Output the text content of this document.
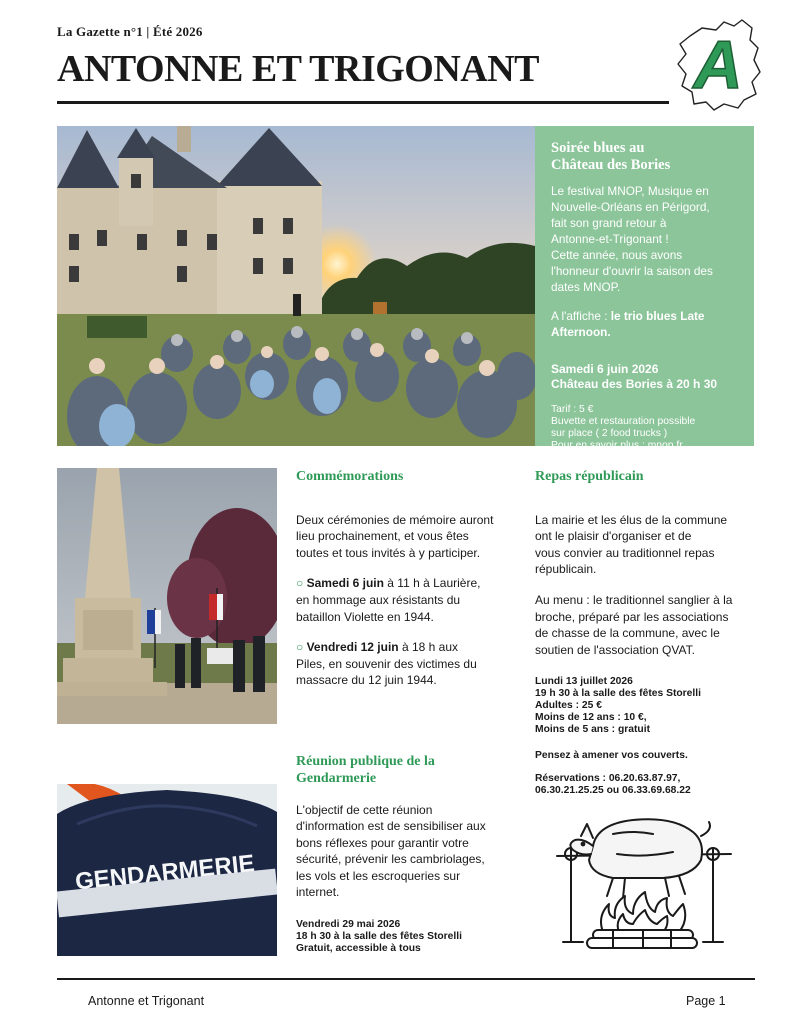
La Gazette n°1 | Été 2026
ANTONNE ET TRIGONANT A
Soirée blues au
Château des Bories
Le festival MNOP, Musique en
Nouvelle-Orléans en Périgord,
fait son grand retour à
Antonne-et-Trigonant !
Cette année, nous avons
l'honneur d'ouvrir la saison des
dates MNOP.
A l'affiche : le trio blues Late
Afternoon.
Samedi 6 juin 2026
Château des Bories à 20 h 30
Tarif : 5 €
Buvette et restauration possible
sur place ( 2 food trucks )
Pour en savoir plus : mnop.fr
Commémorations
Deux cérémonies de mémoire auront
lieu prochainement, et vous êtes
toutes et tous invités à y participer.
○ Samedi 6 juin à 11 h à Laurière,
en hommage aux résistants du
bataillon Violette en 1944.
○ Vendredi 12 juin à 18 h aux
Piles, en souvenir des victimes du
massacre du 12 juin 1944.
GENDARMERIE
Réunion publique de la
Gendarmerie
L'objectif de cette réunion
d'information est de sensibiliser aux
bons réflexes pour garantir votre
sécurité, prévenir les cambriolages,
les vols et les escroqueries sur
internet.
Vendredi 29 mai 2026
18 h 30 à la salle des fêtes Storelli
Gratuit, accessible à tous
Repas républicain
La mairie et les élus de la commune
ont le plaisir d'organiser et de
vous convier au traditionnel repas
républicain.
Au menu : le traditionnel sanglier à la
broche, préparé par les associations
de chasse de la commune, avec le
soutien de l'association QVAT.
Lundi 13 juillet 2026
19 h 30 à la salle des fêtes Storelli
Adultes : 25 €
Moins de 12 ans : 10 €,
Moins de 5 ans : gratuit
Pensez à amener vos couverts.
Réservations : 06.20.63.87.97,
06.30.21.25.25 ou 06.33.69.68.22
Antonne et Trigonant	Page 1
